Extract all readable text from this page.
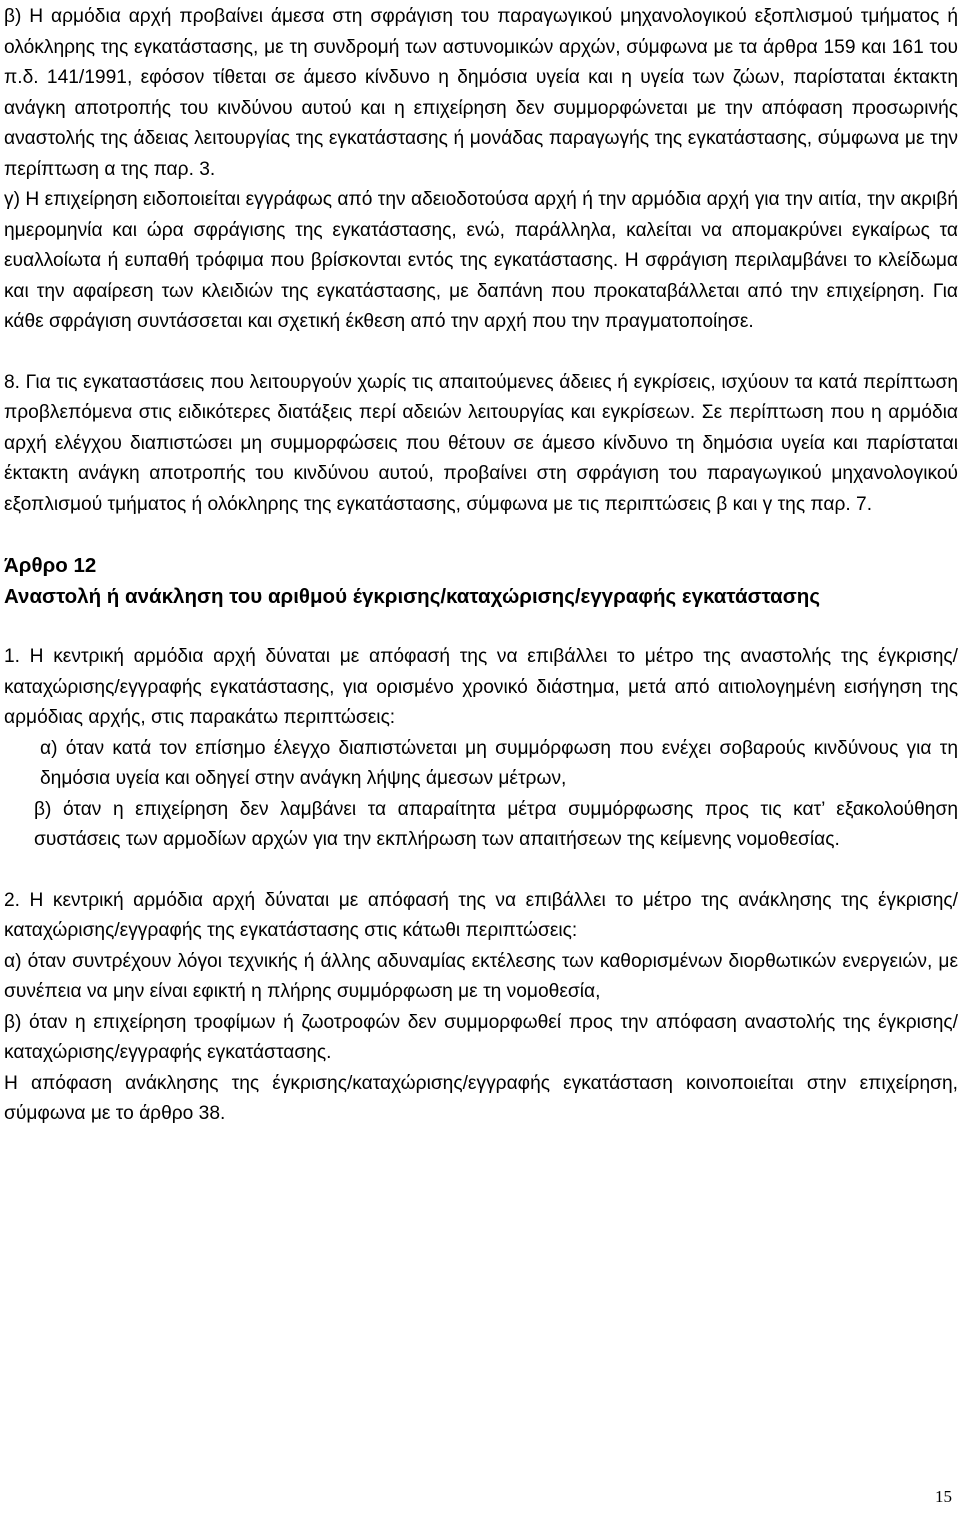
β) Η αρμόδια αρχή προβαίνει άμεσα στη σφράγιση του παραγωγικού μηχανολογικού εξοπλισμού τμήματος ή ολόκληρης της εγκατάστασης, με τη συνδρομή των αστυνομικών αρχών, σύμφωνα με τα άρθρα 159 και 161 του π.δ. 141/1991, εφόσον τίθεται σε άμεσο κίνδυνο η δημόσια υγεία και η υγεία των ζώων, παρίσταται έκτακτη ανάγκη αποτροπής του κινδύνου αυτού και η επιχείρηση δεν συμμορφώνεται με την απόφαση προσωρινής αναστολής της άδειας λειτουργίας της εγκατάστασης ή μονάδας παραγωγής της εγκατάστασης, σύμφωνα με την περίπτωση α της παρ. 3.

γ) Η επιχείρηση ειδοποιείται εγγράφως από την αδειοδοτούσα αρχή ή την αρμόδια αρχή για την αιτία, την ακριβή ημερομηνία και ώρα σφράγισης της εγκατάστασης, ενώ, παράλληλα, καλείται να απομακρύνει εγκαίρως τα ευαλλοίωτα ή ευπαθή τρόφιμα που βρίσκονται εντός της εγκατάστασης. Η σφράγιση περιλαμβάνει το κλείδωμα και την αφαίρεση των κλειδιών της εγκατάστασης, με δαπάνη που προκαταβάλλεται από την επιχείρηση. Για κάθε σφράγιση συντάσσεται και σχετική έκθεση από την αρχή που την πραγματοποίησε.

8. Για τις εγκαταστάσεις που λειτουργούν χωρίς τις απαιτούμενες άδειες ή εγκρίσεις, ισχύουν τα κατά περίπτωση προβλεπόμενα στις ειδικότερες διατάξεις περί αδειών λειτουργίας και εγκρίσεων. Σε περίπτωση που η αρμόδια αρχή ελέγχου διαπιστώσει μη συμμορφώσεις που θέτουν σε άμεσο κίνδυνο τη δημόσια υγεία και παρίσταται έκτακτη ανάγκη αποτροπής του κινδύνου αυτού, προβαίνει στη σφράγιση του παραγωγικού μηχανολογικού εξοπλισμού τμήματος ή ολόκληρης της εγκατάστασης, σύμφωνα με τις περιπτώσεις β και γ της παρ. 7.

Άρθρο 12

Αναστολή ή ανάκληση του αριθμού έγκρισης/καταχώρισης/εγγραφής εγκατάστασης

1. Η κεντρική αρμόδια αρχή δύναται με απόφασή της να επιβάλλει το μέτρο της αναστολής της έγκρισης/καταχώρισης/εγγραφής εγκατάστασης, για ορισμένο χρονικό διάστημα, μετά από αιτιολογημένη εισήγηση της αρμόδιας αρχής, στις παρακάτω περιπτώσεις:

α) όταν κατά τον επίσημο έλεγχο διαπιστώνεται μη συμμόρφωση που ενέχει σοβαρούς κινδύνους για τη δημόσια υγεία και οδηγεί στην ανάγκη λήψης άμεσων μέτρων,

β) όταν η επιχείρηση δεν λαμβάνει τα απαραίτητα μέτρα συμμόρφωσης προς τις κατ’ εξακολούθηση συστάσεις των αρμοδίων αρχών για την εκπλήρωση των απαιτήσεων της κείμενης νομοθεσίας.

2. Η κεντρική αρμόδια αρχή δύναται με απόφασή της να επιβάλλει το μέτρο της ανάκλησης της έγκρισης/καταχώρισης/εγγραφής της εγκατάστασης στις κάτωθι περιπτώσεις:

α) όταν συντρέχουν λόγοι τεχνικής ή άλλης αδυναμίας εκτέλεσης των καθορισμένων διορθωτικών ενεργειών, με συνέπεια να μην είναι εφικτή η πλήρης συμμόρφωση με τη νομοθεσία,

β) όταν η επιχείρηση τροφίμων ή ζωοτροφών δεν συμμορφωθεί προς την απόφαση αναστολής της έγκρισης/καταχώρισης/εγγραφής εγκατάστασης.

Η απόφαση ανάκλησης της έγκρισης/καταχώρισης/εγγραφής εγκατάσταση κοινοποιείται στην επιχείρηση, σύμφωνα με το άρθρο 38.

15
